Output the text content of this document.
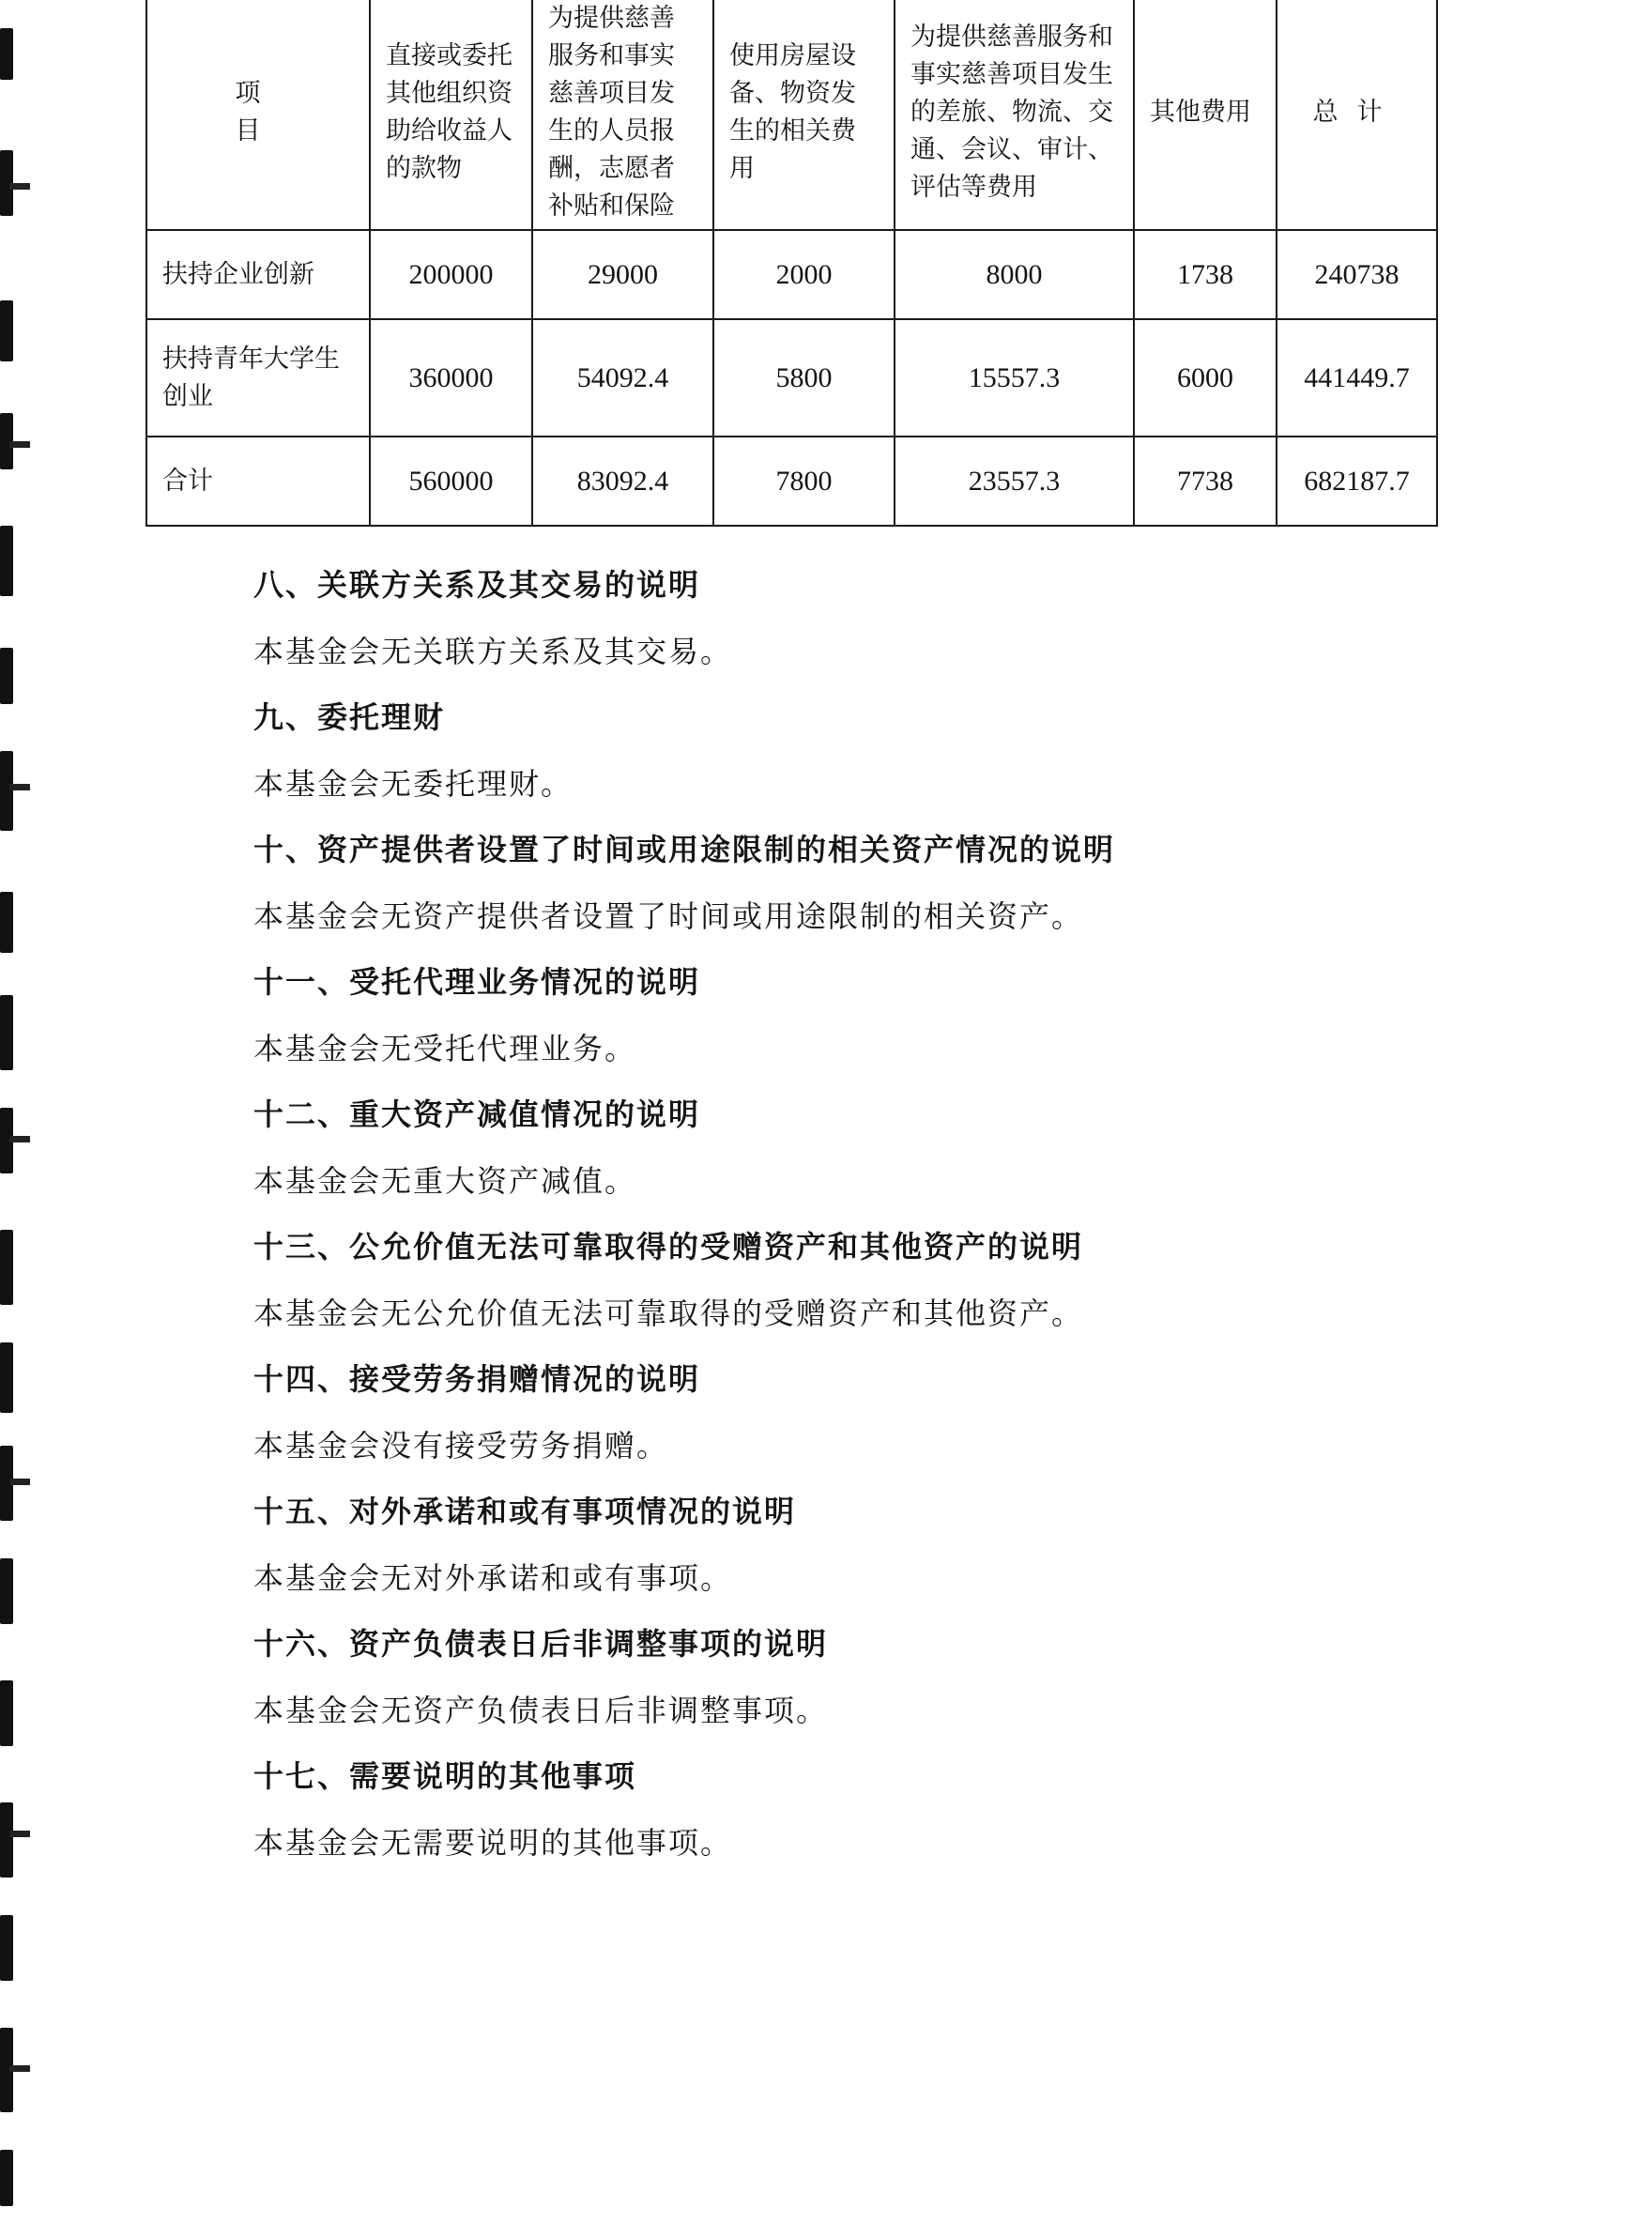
项　目	直接或委托其他组织资助给收益人的款物	为提供慈善服务和事实慈善项目发生的人员报酬，志愿者补贴和保险	使用房屋设备、物资发生的相关费用	为提供慈善服务和事实慈善项目发生的差旅、物流、交通、会议、审计、评估等费用	其他费用	总计
扶持企业创新	200000	29000	2000	8000	1738	240738
扶持青年大学生创业	360000	54092.4	5800	15557.3	6000	441449.7
合计	560000	83092.4	7800	23557.3	7738	682187.7
八、关联方关系及其交易的说明
本基金会无关联方关系及其交易。
九、委托理财
本基金会无委托理财。
十、资产提供者设置了时间或用途限制的相关资产情况的说明
本基金会无资产提供者设置了时间或用途限制的相关资产。
十一、受托代理业务情况的说明
本基金会无受托代理业务。
十二、重大资产减值情况的说明
本基金会无重大资产减值。
十三、公允价值无法可靠取得的受赠资产和其他资产的说明
本基金会无公允价值无法可靠取得的受赠资产和其他资产。
十四、接受劳务捐赠情况的说明
本基金会没有接受劳务捐赠。
十五、对外承诺和或有事项情况的说明
本基金会无对外承诺和或有事项。
十六、资产负债表日后非调整事项的说明
本基金会无资产负债表日后非调整事项。
十七、需要说明的其他事项
本基金会无需要说明的其他事项。
